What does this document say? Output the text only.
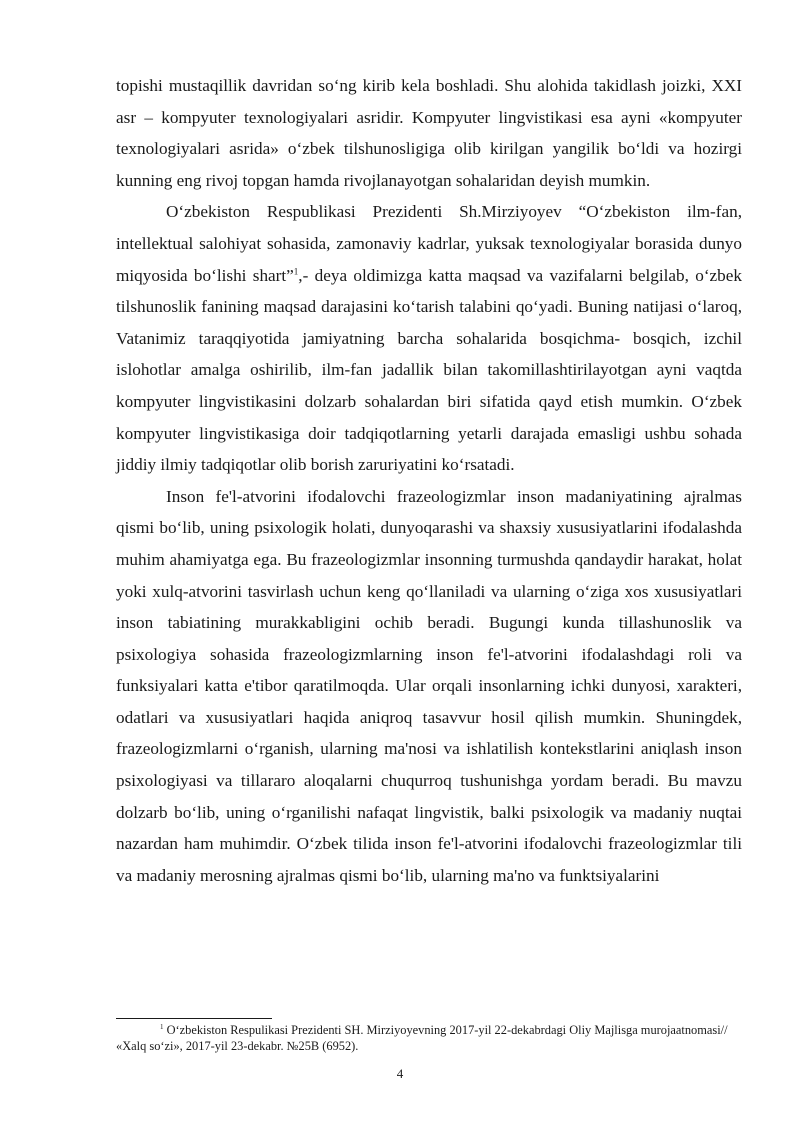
topishi mustaqillik davridan so‘ng kirib kela boshladi. Shu alohida takidlash joizki, XXI asr – kompyuter texnologiyalari asridir. Kompyuter lingvistikasi esa ayni «kompyuter texnologiyalari asrida» o‘zbek tilshunosligiga olib kirilgan yangilik bo‘ldi va hozirgi kunning eng rivoj topgan hamda rivojlanayotgan sohalaridan deyish mumkin.

O‘zbekiston Respublikasi Prezidenti Sh.Mirziyoyev “O‘zbekiston ilm-fan, intellektual salohiyat sohasida, zamonaviy kadrlar, yuksak texnologiyalar borasida dunyo miqyosida bo‘lishi shart”$^1$,- deya oldimizga katta maqsad va vazifalarni belgilab, o‘zbek tilshunoslik fanining maqsad darajasini ko‘tarish talabini qo‘yadi. Buning natijasi o‘laroq, Vatanimiz taraqqiyotida jamiyatning barcha sohalarida bosqichma- bosqich, izchil islohotlar amalga oshirilib, ilm-fan jadallik bilan takomillashtirilayotgan ayni vaqtda kompyuter lingvistikasini dolzarb sohalardan biri sifatida qayd etish mumkin. O‘zbek kompyuter lingvistikasiga doir tadqiqotlarning yetarli darajada emasligi ushbu sohada jiddiy ilmiy tadqiqotlar olib borish zaruriyatini ko‘rsatadi.

Inson fe'l-atvorini ifodalovchi frazeologizmlar inson madaniyatining ajralmas qismi bo‘lib, uning psixologik holati, dunyoqarashi va shaxsiy xususiyatlarini ifodalashda muhim ahamiyatga ega. Bu frazeologizmlar insonning turmushda qandaydir harakat, holat yoki xulq-atvorini tasvirlash uchun keng qo‘llaniladi va ularning o‘ziga xos xususiyatlari inson tabiatining murakkabligini ochib beradi. Bugungi kunda tillashunoslik va psixologiya sohasida frazeologizmlarning inson fe'l-atvorini ifodalashdagi roli va funksiyalari katta e'tibor qaratilmoqda. Ular orqali insonlarning ichki dunyosi, xarakteri, odatlari va xususiyatlari haqida aniqroq tasavvur hosil qilish mumkin. Shuningdek, frazeologizmlarni o‘rganish, ularning ma'nosi va ishlatilish kontekstlarini aniqlash inson psixologiyasi va tillararo aloqalarni chuqurroq tushunishga yordam beradi. Bu mavzu dolzarb bo‘lib, uning o‘rganilishi nafaqat lingvistik, balki psixologik va madaniy nuqtai nazardan ham muhimdir. O‘zbek tilida inson fe'l-atvorini ifodalovchi frazeologizmlar tili va madaniy merosning ajralmas qismi bo‘lib, ularning ma'no va funktsiyalarini

$^1$ O‘zbekiston Respulikasi Prezidenti SH. Mirziyoyevning 2017-yil 22-dekabrdagi Oliy Majlisga murojaatnomasi// «Xalq so‘zi», 2017-yil 23-dekabr. №25B (6952).

4
